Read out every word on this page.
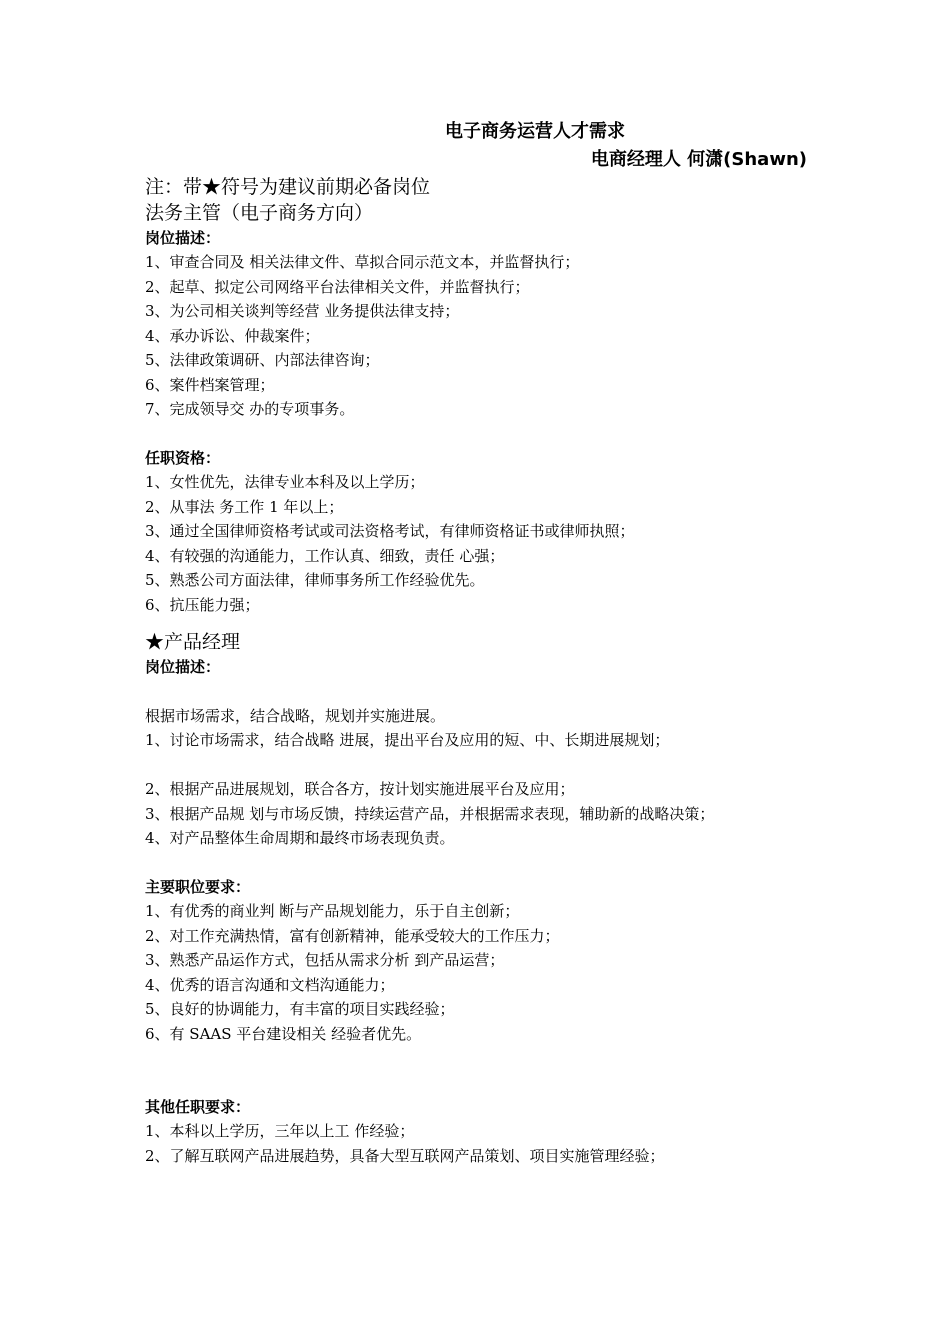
电子商务运营人才需求

电商经理人 何潇(Shawn)

注：带★符号为建议前期必备岗位

法务主管（电子商务方向）

岗位描述：

1、审查合同及 相关法律文件、草拟合同示范文本，并监督执行；

2、起草、拟定公司网络平台法律相关文件，并监督执行；

3、为公司相关谈判等经营 业务提供法律支持；

4、承办诉讼、仲裁案件；

5、法律政策调研、内部法律咨询；

6、案件档案管理；

7、完成领导交 办的专项事务。

任职资格：

1、女性优先，法律专业本科及以上学历；

2、从事法 务工作 1 年以上；

3、通过全国律师资格考试或司法资格考试，有律师资格证书或律师执照；

4、有较强的沟通能力，工作认真、细致，责任 心强；

5、熟悉公司方面法律，律师事务所工作经验优先。

6、抗压能力强；

★产品经理

岗位描述：

根据市场需求，结合战略，规划并实施进展。

1、讨论市场需求，结合战略 进展，提出平台及应用的短、中、长期进展规划；

2、根据产品进展规划，联合各方，按计划实施进展平台及应用；

3、根据产品规 划与市场反馈，持续运营产品，并根据需求表现，辅助新的战略决策；

4、对产品整体生命周期和最终市场表现负责。

主要职位要求：

1、有优秀的商业判 断与产品规划能力，乐于自主创新；

2、对工作充满热情，富有创新精神，能承受较大的工作压力；

3、熟悉产品运作方式，包括从需求分析 到产品运营；

4、优秀的语言沟通和文档沟通能力；

5、良好的协调能力，有丰富的项目实践经验；

6、有 SAAS 平台建设相关 经验者优先。

其他任职要求：

1、本科以上学历，三年以上工 作经验；

2、了解互联网产品进展趋势，具备大型互联网产品策划、项目实施管理经验；
